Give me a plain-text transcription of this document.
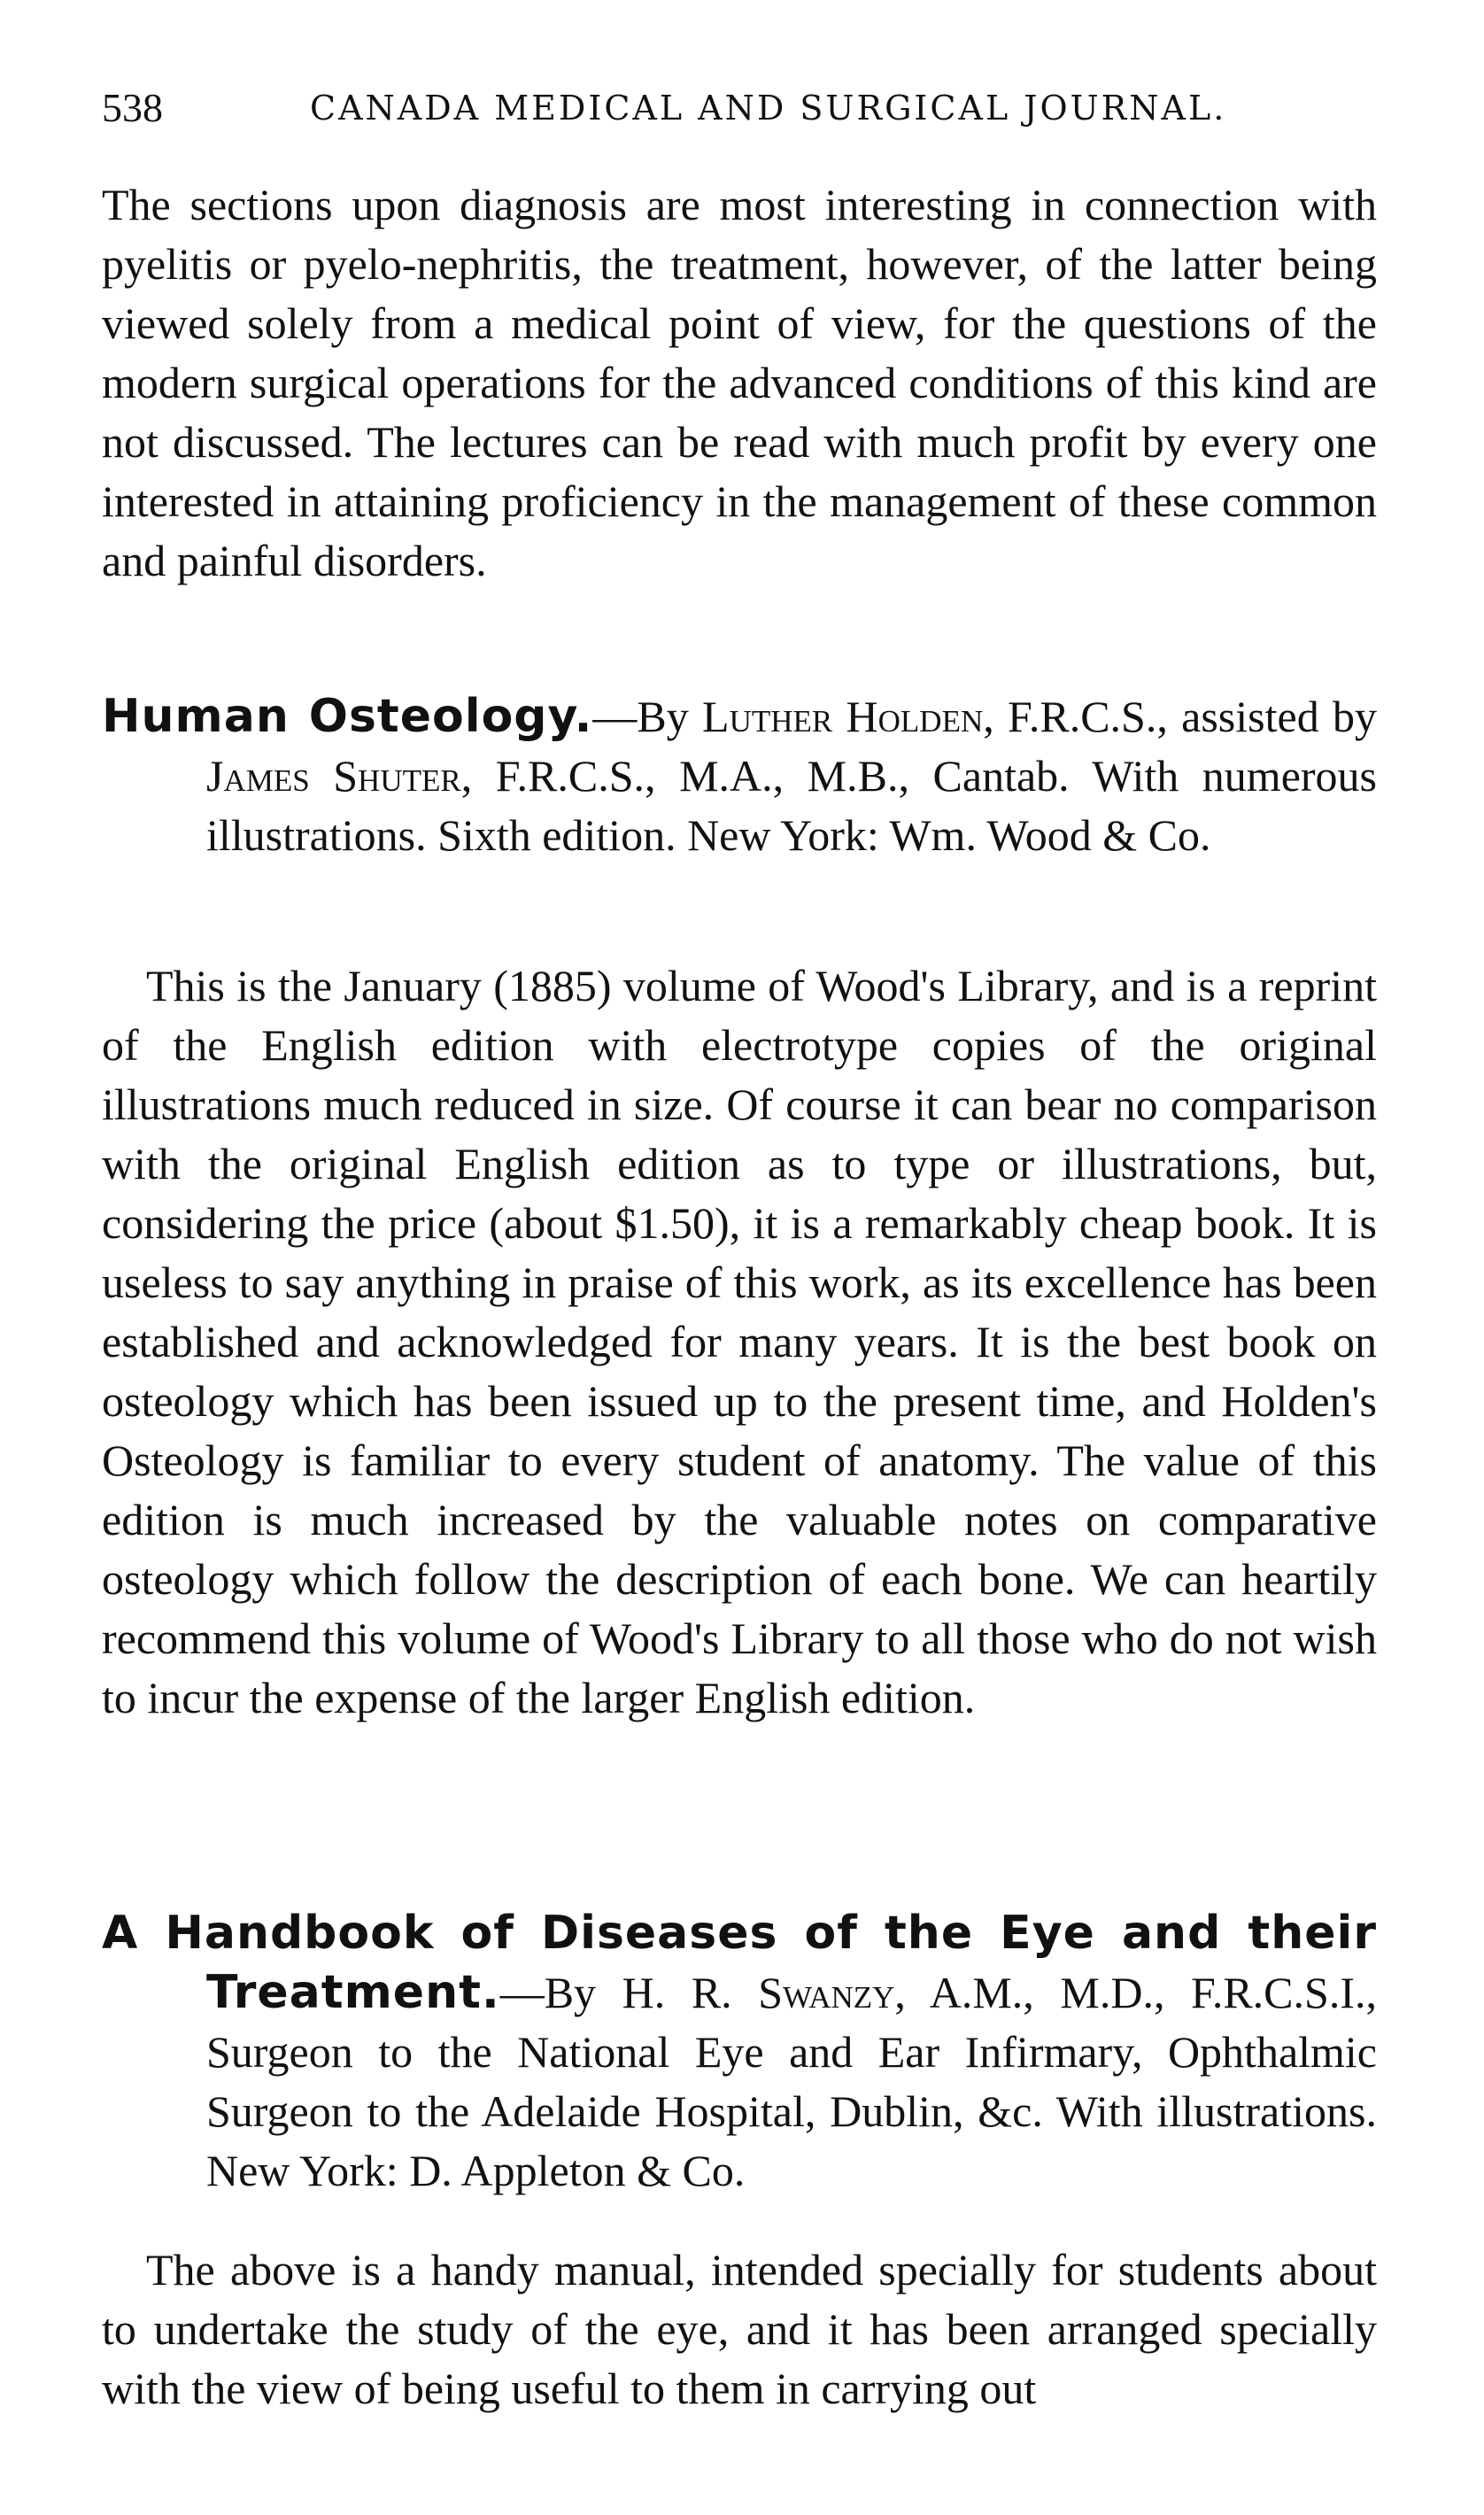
538	CANADA MEDICAL AND SURGICAL JOURNAL.

The sections upon diagnosis are most interesting in connection with pyelitis or pyelo-nephritis, the treatment, however, of the latter being viewed solely from a medical point of view, for the questions of the modern surgical operations for the advanced conditions of this kind are not discussed. The lectures can be read with much profit by every one interested in attaining proficiency in the management of these common and painful disorders.

Human Osteology.—By Luther Holden, F.R.C.S., assisted by James Shuter, F.R.C.S., M.A., M.B., Cantab. With numerous illustrations. Sixth edition. New York: Wm. Wood & Co.

This is the January (1885) volume of Wood's Library, and is a reprint of the English edition with electrotype copies of the original illustrations much reduced in size. Of course it can bear no comparison with the original English edition as to type or illustrations, but, considering the price (about $1.50), it is a remarkably cheap book. It is useless to say anything in praise of this work, as its excellence has been established and acknowledged for many years. It is the best book on osteology which has been issued up to the present time, and Holden's Osteology is familiar to every student of anatomy. The value of this edition is much increased by the valuable notes on comparative osteology which follow the description of each bone. We can heartily recommend this volume of Wood's Library to all those who do not wish to incur the expense of the larger English edition.

A Handbook of Diseases of the Eye and their Treatment.—By H. R. Swanzy, A.M., M.D., F.R.C.S.I., Surgeon to the National Eye and Ear Infirmary, Ophthalmic Surgeon to the Adelaide Hospital, Dublin, &c. With illustrations. New York: D. Appleton & Co.

The above is a handy manual, intended specially for students about to undertake the study of the eye, and it has been arranged specially with the view of being useful to them in carrying out
